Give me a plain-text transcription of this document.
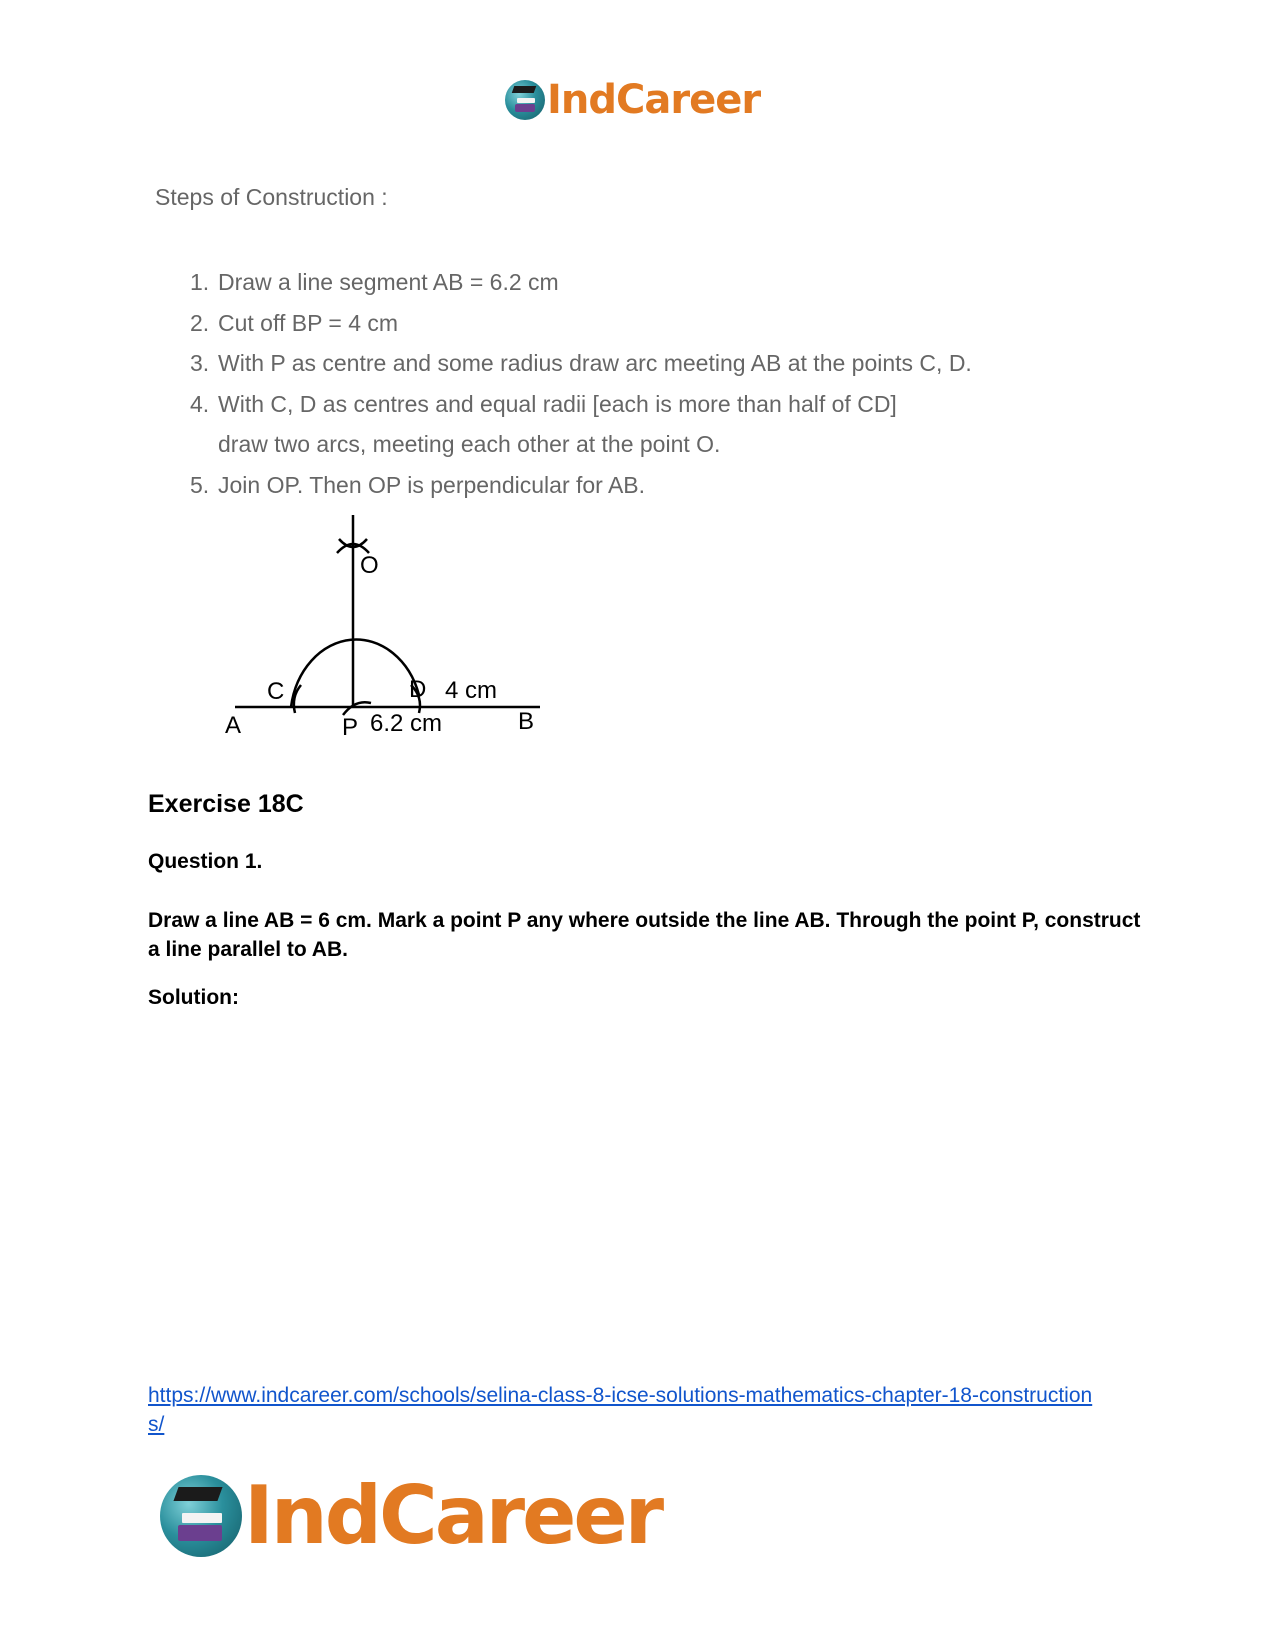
IndCareer
Steps of Construction :
1. Draw a line segment AB = 6.2 cm
2. Cut off BP = 4 cm
3. With P as centre and some radius draw arc meeting AB at the points C, D.
4. With C, D as centres and equal radii [each is more than half of CD]
draw two arcs, meeting each other at the point O.
5. Join OP. Then OP is perpendicular for AB.
O
C	D 4 cm
A	P 6.2 cm	B
Exercise 18C
Question 1.
Draw a line AB = 6 cm. Mark a point P any where outside the line AB. Through the point P, construct a line parallel to AB.
Solution:
https://www.indcareer.com/schools/selina-class-8-icse-solutions-mathematics-chapter-18-constructions/
IndCareer
